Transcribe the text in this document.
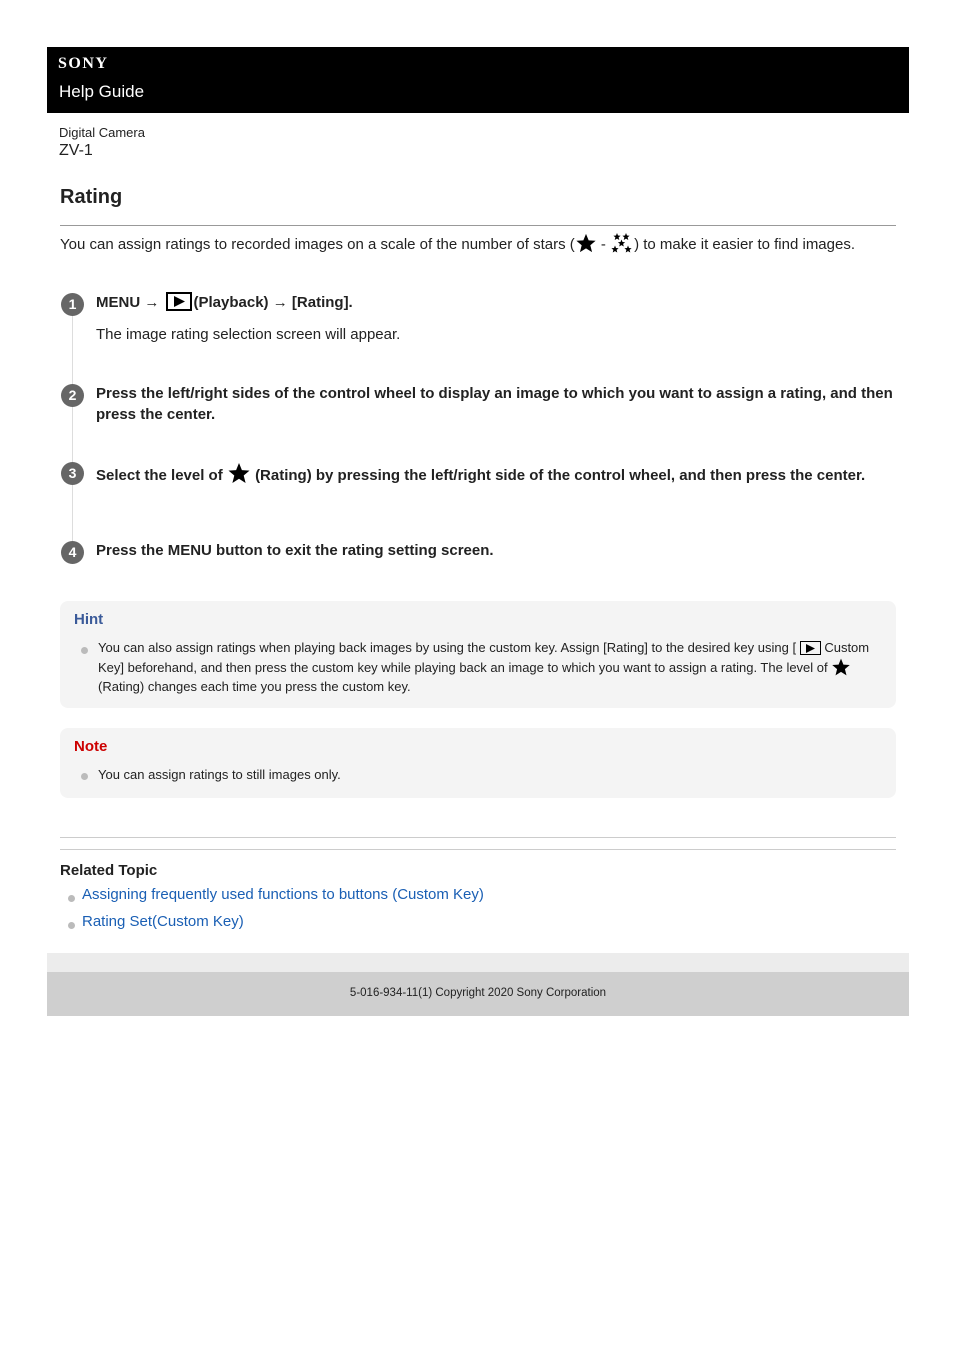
SONY
Help Guide
Digital Camera
ZV-1
Rating
You can assign ratings to recorded images on a scale of the number of stars ( - ) to make it easier to find images.
1	MENU → (Playback) → [Rating].
The image rating selection screen will appear.
2	Press the left/right sides of the control wheel to display an image to which you want to assign a rating, and then press the center.
3	Select the level of (Rating) by pressing the left/right side of the control wheel, and then press the center.
4	Press the MENU button to exit the rating setting screen.
Hint
You can also assign ratings when playing back images by using the custom key. Assign [Rating] to the desired key using [ Custom Key] beforehand, and then press the custom key while playing back an image to which you want to assign a rating. The level of  (Rating) changes each time you press the custom key.
Note
You can assign ratings to still images only.
Related Topic
Assigning frequently used functions to buttons (Custom Key)
Rating Set(Custom Key)
5-016-934-11(1) Copyright 2020 Sony Corporation
